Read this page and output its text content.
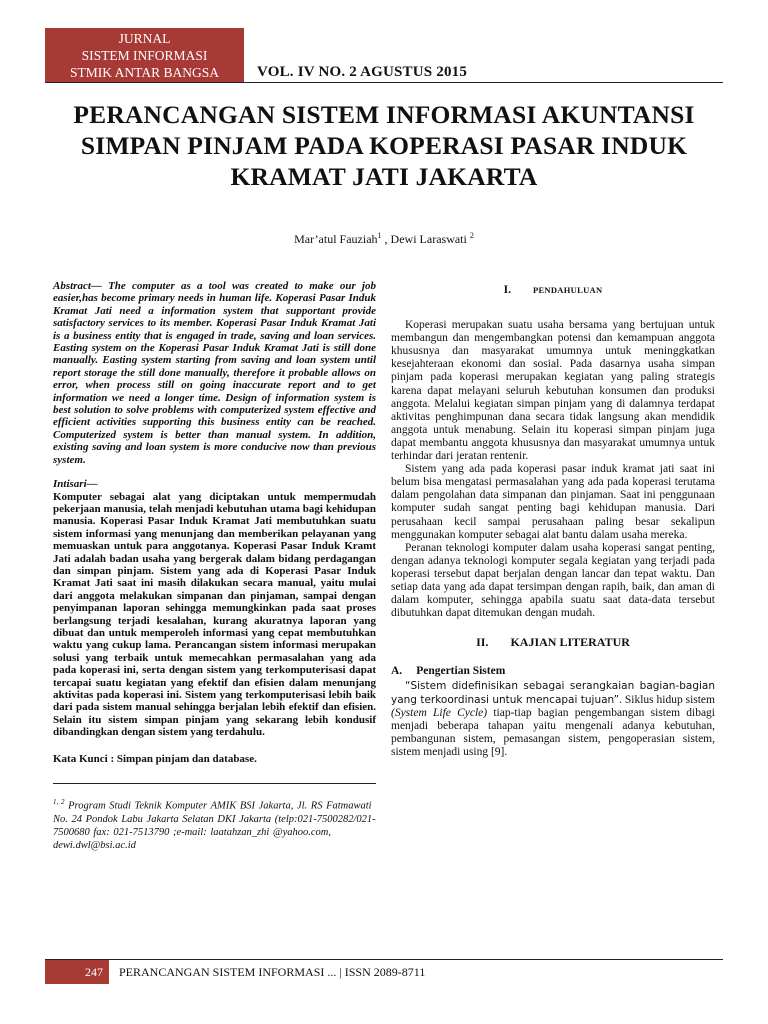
JURNAL
SISTEM INFORMASI
STMIK ANTAR BANGSA	VOL. IV NO. 2 AGUSTUS 2015
PERANCANGAN SISTEM INFORMASI AKUNTANSI
SIMPAN PINJAM PADA KOPERASI PASAR INDUK
KRAMAT JATI JAKARTA
Mar’atul Fauziah$^1$ , Dewi Laraswati $^2$

Abstract— The computer as a tool was created to make our job easier,has become primary needs in human life. Koperasi Pasar Induk Kramat Jati need a information system that supportant provide satisfactory services to its member. Koperasi Pasar Induk Kramat Jati is a business entity that is engaged in trade, saving and loan services. Easting system on the Koperasi Pasar Induk Kramat Jati is still done manually. Easting system starting from saving and loan system until report storage the still done manually, therefore it probable allows on error, when process still on going inaccurate report and to get information we need a longer time. Design of information system is best solution to solve problems with computerized system effective and efficient activities supporting this business entity can be reached. Computerized system is better than manual system. In addition, existing saving and loan system is more conducive now than previous system.

Intisari—

Komputer sebagai alat yang diciptakan untuk mempermudah pekerjaan manusia, telah menjadi kebutuhan utama bagi kehidupan manusia. Koperasi Pasar Induk Kramat Jati membutuhkan suatu sistem informasi yang menunjang dan memberikan pelayanan yang memuaskan untuk para anggotanya. Koperasi Pasar Induk Kramt Jati adalah badan usaha yang bergerak dalam bidang perdagangan dan simpan pinjam. Sistem yang ada di Koperasi Pasar Induk Kramat Jati saat ini masih dilakukan secara manual, yaitu mulai dari anggota melakukan simpanan dan pinjaman, sampai dengan penyimpanan laporan sehingga memungkinkan pada saat proses berlangsung terjadi kesalahan, kurang akuratnya laporan yang dibuat dan untuk memperoleh informasi yang cepat membutuhkan waktu yang cukup lama. Perancangan sistem informasi merupakan solusi yang terbaik untuk memecahkan permasalahan yang ada pada koperasi ini, serta dengan sistem yang terkomputerisasi dapat tercapai suatu kegiatan yang efektif dan efisien dalam menunjang aktivitas pada koperasi ini. Sistem yang terkomputerisasi lebih baik dari pada sistem manual sehingga berjalan lebih efektif dan efisien. Selain itu sistem simpan pinjam yang sekarang lebih kondusif dibandingkan dengan sistem yang terdahulu.

Kata Kunci : Simpan pinjam dan database.

$^{1, 2}$ Program Studi Teknik Komputer AMIK BSI Jakarta, Jl. RS Fatmawati No. 24 Pondok Labu Jakarta Selatan DKI Jakarta (telp:021-7500282/021-7500680 fax: 021-7513790 ;e-mail: laatahzan_zhi @yahoo.com, dewi.dwl@bsi.ac.id
I.	PENDAHULUAN

Koperasi merupakan suatu usaha bersama yang bertujuan untuk membangun dan mengembangkan potensi dan kemampuan anggota khususnya dan masyarakat umumnya untuk meninggkatkan kesejahteraan ekonomi dan sosial. Pada dasarnya usaha simpan pinjam pada koperasi merupakan kegiatan yang paling strategis karena dapat melayani seluruh kebutuhan konsumen dan produksi anggota. Melalui kegiatan simpan pinjam yang di dalamnya terdapat aktivitas penghimpunan dana secara tidak langsung akan mendidik anggota untuk menabung. Selain itu koperasi simpan pinjam juga dapat membantu anggota khususnya dan masyarakat umumnya untuk terhindar dari jeratan rentenir.

Sistem yang ada pada koperasi pasar induk kramat jati saat ini belum bisa mengatasi permasalahan yang ada pada koperasi terutama dalam pengolahan data simpanan dan pinjaman. Saat ini penggunaan komputer sudah sangat penting bagi kehidupan manusia. Dari perusahaan kecil sampai perusahaan paling besar sekalipun menggunakan komputer sebagai alat bantu dalam usaha mereka.

Peranan teknologi komputer dalam usaha koperasi sangat penting, dengan adanya teknologi komputer segala kegiatan yang terjadi pada koperasi tersebut dapat berjalan dengan lancar dan tepat waktu. Dan setiap data yang ada dapat tersimpan dengan rapih, baik, dan aman di dalam komputer, sehingga apabila suatu saat data-data tersebut dibutuhkan dapat ditemukan dengan mudah.

II. KAJIAN LITERATUR

A. Pengertian Sistem

“Sistem didefinisikan sebagai serangkaian bagian-bagian yang terkoordinasi untuk mencapai tujuan”. Siklus hidup sistem (System Life Cycle) tiap-tiap bagian pengembangan sistem dibagi menjadi beberapa tahapan yaitu mengenali adanya kebutuhan, pembangunan sistem, pemasangan sistem, pengoperasian sistem, sistem menjadi using [9].

247	PERANCANGAN SISTEM INFORMASI ... | ISSN 2089-8711
